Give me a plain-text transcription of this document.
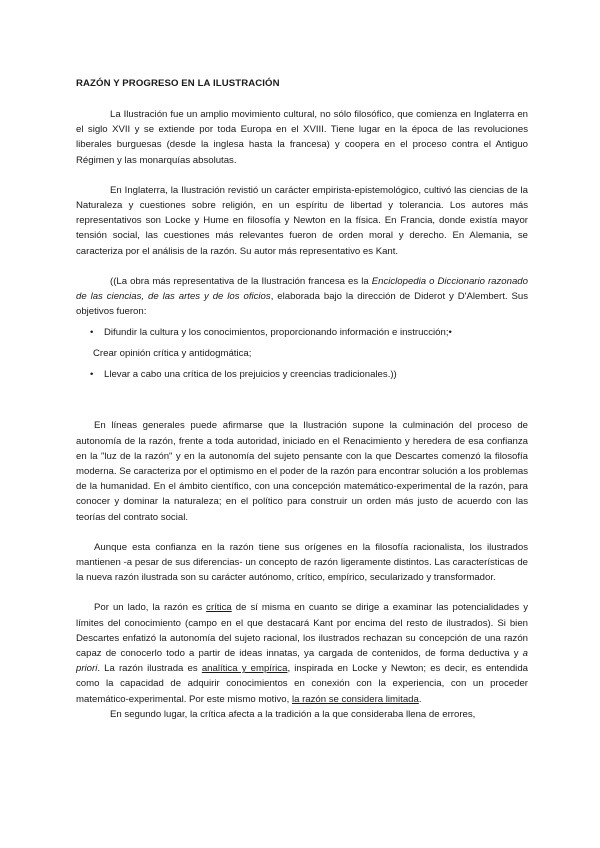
RAZÓN Y PROGRESO EN LA ILUSTRACIÓN

La Ilustración fue un amplio movimiento cultural, no sólo filosófico, que comienza en Inglaterra en el siglo XVII y se extiende por toda Europa en el XVIII. Tiene lugar en la época de las revoluciones liberales burguesas (desde la inglesa hasta la francesa) y coopera en el proceso contra el Antiguo Régimen y las monarquías absolutas.

En Inglaterra, la Ilustración revistió un carácter empirista-epistemológico, cultivó las ciencias de la Naturaleza y cuestiones sobre religión, en un espíritu de libertad y tolerancia. Los autores más representativos son Locke y Hume en filosofía y Newton en la física. En Francia, donde existía mayor tensión social, las cuestiones más relevantes fueron de orden moral y derecho. En Alemania, se caracteriza por el análisis de la razón. Su autor más representativo es Kant.

((La obra más representativa de la Ilustración francesa es la Enciclopedia o Diccionario razonado de las ciencias, de las artes y de los oficios, elaborada bajo la dirección de Diderot y D'Alembert. Sus objetivos fueron:

• Difundir la cultura y los conocimientos, proporcionando información e instrucción;•
Crear opinión crítica y antidogmática;
• Llevar a cabo una crítica de los prejuicios y creencias tradicionales.))

En líneas generales puede afirmarse que la Ilustración supone la culminación del proceso de autonomía de la razón, frente a toda autoridad, iniciado en el Renacimiento y heredera de esa confianza en la "luz de la razón" y en la autonomía del sujeto pensante con la que Descartes comenzó la filosofía moderna. Se caracteriza por el optimismo en el poder de la razón para encontrar solución a los problemas de la humanidad. En el ámbito científico, con una concepción matemático-experimental de la razón, para conocer y dominar la naturaleza; en el político para construir un orden más justo de acuerdo con las teorías del contrato social.

Aunque esta confianza en la razón tiene sus orígenes en la filosofía racionalista, los ilustrados mantienen -a pesar de sus diferencias- un concepto de razón ligeramente distintos. Las características de la nueva razón ilustrada son su carácter autónomo, crítico, empírico, secularizado y transformador.

Por un lado, la razón es crítica de sí misma en cuanto se dirige a examinar las potencialidades y límites del conocimiento (campo en el que destacará Kant por encima del resto de ilustrados). Si bien Descartes enfatizó la autonomía del sujeto racional, los ilustrados rechazan su concepción de una razón capaz de conocerlo todo a partir de ideas innatas, ya cargada de contenidos, de forma deductiva y a priori. La razón ilustrada es analítica y empírica, inspirada en Locke y Newton; es decir, es entendida como la capacidad de adquirir conocimientos en conexión con la experiencia, con un proceder matemático-experimental. Por este mismo motivo, la razón se considera limitada.

En segundo lugar, la crítica afecta a la tradición a la que consideraba llena de errores,
